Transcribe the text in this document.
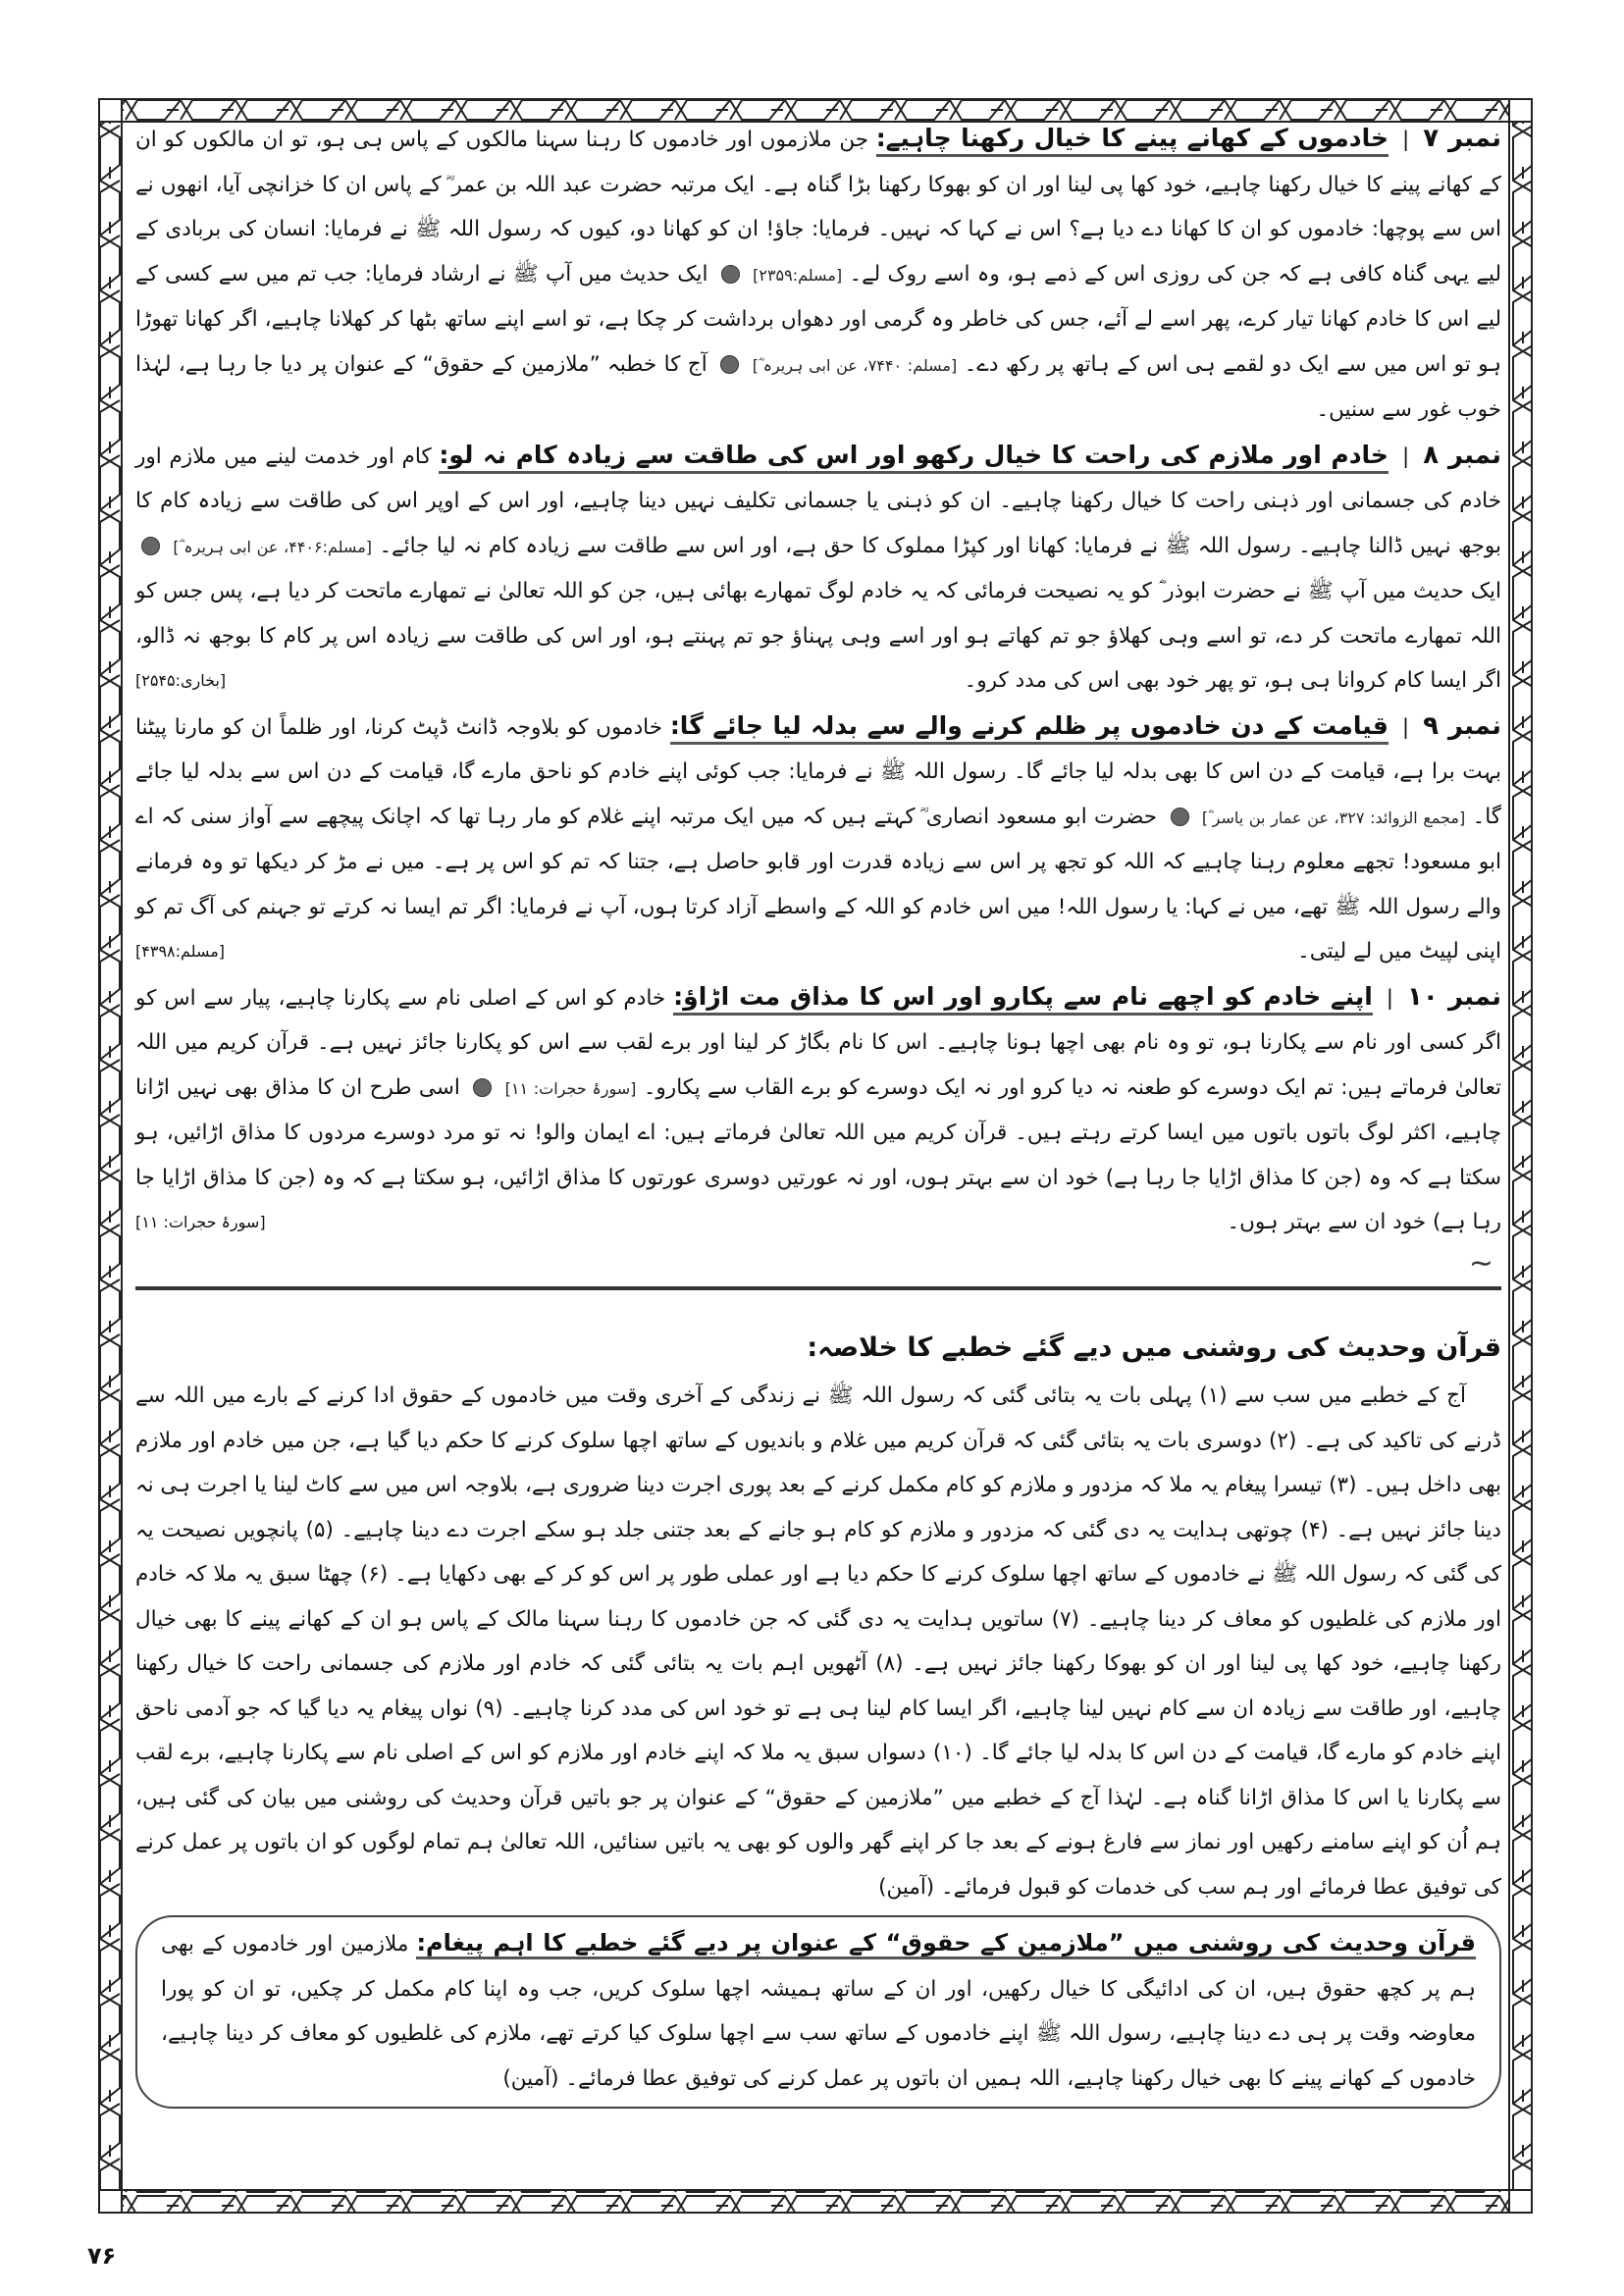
نمبر ۷|خادموں کے کھانے پینے کا خیال رکھنا چاہیے: جن ملازموں اور خادموں کا رہنا سہنا مالکوں کے پاس ہی ہو، تو ان مالکوں کو ان کے کھانے پینے کا خیال رکھنا چاہیے، خود کھا پی لینا اور ان کو بھوکا رکھنا بڑا گناہ ہے۔ ایک مرتبہ حضرت عبد اللہ بن عمر ؓ کے پاس ان کا خزانچی آیا، انھوں نے اس سے پوچھا: خادموں کو ان کا کھانا دے دیا ہے؟ اس نے کہا کہ نہیں۔ فرمایا: جاؤ! ان کو کھانا دو، کیوں کہ رسول اللہ ﷺ نے فرمایا: انسان کی بربادی کے لیے یہی گناہ کافی ہے کہ جن کی روزی اس کے ذمے ہو، وہ اسے روک لے۔ [مسلم:۲۳۵۹]  ایک حدیث میں آپ ﷺ نے ارشاد فرمایا: جب تم میں سے کسی کے لیے اس کا خادم کھانا تیار کرے، پھر اسے لے آئے، جس کی خاطر وہ گرمی اور دھواں برداشت کر چکا ہے، تو اسے اپنے ساتھ بٹھا کر کھلانا چاہیے، اگر کھانا تھوڑا ہو تو اس میں سے ایک دو لقمے ہی اس کے ہاتھ پر رکھ دے۔ [مسلم: ۷۴۴۰، عن ابی ہریرہ ؓ]  آج کا خطبہ ”ملازمین کے حقوق“ کے عنوان پر دیا جا رہا ہے، لہٰذا خوب غور سے سنیں۔

نمبر ۸|خادم اور ملازم کی راحت کا خیال رکھو اور اس کی طاقت سے زیادہ کام نہ لو: کام اور خدمت لینے میں ملازم اور خادم کی جسمانی اور ذہنی راحت کا خیال رکھنا چاہیے۔ ان کو ذہنی یا جسمانی تکلیف نہیں دینا چاہیے، اور اس کے اوپر اس کی طاقت سے زیادہ کام کا بوجھ نہیں ڈالنا چاہیے۔ رسول اللہ ﷺ نے فرمایا: کھانا اور کپڑا مملوک کا حق ہے، اور اس سے طاقت سے زیادہ کام نہ لیا جائے۔ [مسلم:۴۴۰۶، عن ابی ہریرہ ؓ]  ایک حدیث میں آپ ﷺ نے حضرت ابوذر ؓ کو یہ نصیحت فرمائی کہ یہ خادم لوگ تمھارے بھائی ہیں، جن کو اللہ تعالیٰ نے تمھارے ماتحت کر دیا ہے، پس جس کو اللہ تمھارے ماتحت کر دے، تو اسے وہی کھلاؤ جو تم کھاتے ہو اور اسے وہی پہناؤ جو تم پہنتے ہو، اور اس کی طاقت سے زیادہ اس پر کام کا بوجھ نہ ڈالو، اگر ایسا کام کروانا ہی ہو، تو پھر خود بھی اس کی مدد کرو۔
[بخاری:۲۵۴۵]

نمبر ۹|قیامت کے دن خادموں پر ظلم کرنے والے سے بدلہ لیا جائے گا: خادموں کو بلاوجہ ڈانٹ ڈپٹ کرنا، اور ظلماً ان کو مارنا پیٹنا بہت برا ہے، قیامت کے دن اس کا بھی بدلہ لیا جائے گا۔ رسول اللہ ﷺ نے فرمایا: جب کوئی اپنے خادم کو ناحق مارے گا، قیامت کے دن اس سے بدلہ لیا جائے گا۔ [مجمع الزوائد: ۳۲۷، عن عمار بن یاسر ؓ]  حضرت ابو مسعود انصاری ؓ کہتے ہیں کہ میں ایک مرتبہ اپنے غلام کو مار رہا تھا کہ اچانک پیچھے سے آواز سنی کہ اے ابو مسعود! تجھے معلوم رہنا چاہیے کہ اللہ کو تجھ پر اس سے زیادہ قدرت اور قابو حاصل ہے، جتنا کہ تم کو اس پر ہے۔ میں نے مڑ کر دیکھا تو وہ فرمانے والے رسول اللہ ﷺ تھے، میں نے کہا: یا رسول اللہ! میں اس خادم کو اللہ کے واسطے آزاد کرتا ہوں، آپ نے فرمایا: اگر تم ایسا نہ کرتے تو جہنم کی آگ تم کو اپنی لپیٹ میں لے لیتی۔
[مسلم:۴۳۹۸]

نمبر ۱۰|اپنے خادم کو اچھے نام سے پکارو اور اس کا مذاق مت اڑاؤ: خادم کو اس کے اصلی نام سے پکارنا چاہیے، پیار سے اس کو اگر کسی اور نام سے پکارنا ہو، تو وہ نام بھی اچھا ہونا چاہیے۔ اس کا نام بگاڑ کر لینا اور برے لقب سے اس کو پکارنا جائز نہیں ہے۔ قرآن کریم میں اللہ تعالیٰ فرماتے ہیں: تم ایک دوسرے کو طعنہ نہ دیا کرو اور نہ ایک دوسرے کو برے القاب سے پکارو۔ [سورۂ حجرات: ۱۱]  اسی طرح ان کا مذاق بھی نہیں اڑانا چاہیے، اکثر لوگ باتوں باتوں میں ایسا کرتے رہتے ہیں۔ قرآن کریم میں اللہ تعالیٰ فرماتے ہیں: اے ایمان والو! نہ تو مرد دوسرے مردوں کا مذاق اڑائیں، ہو سکتا ہے کہ وہ (جن کا مذاق اڑایا جا رہا ہے) خود ان سے بہتر ہوں، اور نہ عورتیں دوسری عورتوں کا مذاق اڑائیں، ہو سکتا ہے کہ وہ (جن کا مذاق اڑایا جا رہا ہے) خود ان سے بہتر ہوں۔
[سورۂ حجرات: ۱۱]

∽
قرآن وحدیث کی روشنی میں دیے گئے خطبے کا خلاصہ:

آج کے خطبے میں سب سے (۱) پہلی بات یہ بتائی گئی کہ رسول اللہ ﷺ نے زندگی کے آخری وقت میں خادموں کے حقوق ادا کرنے کے بارے میں اللہ سے ڈرنے کی تاکید کی ہے۔ (۲) دوسری بات یہ بتائی گئی کہ قرآن کریم میں غلام و باندیوں کے ساتھ اچھا سلوک کرنے کا حکم دیا گیا ہے، جن میں خادم اور ملازم بھی داخل ہیں۔ (۳) تیسرا پیغام یہ ملا کہ مزدور و ملازم کو کام مکمل کرنے کے بعد پوری اجرت دینا ضروری ہے، بلاوجہ اس میں سے کاٹ لینا یا اجرت ہی نہ دینا جائز نہیں ہے۔ (۴) چوتھی ہدایت یہ دی گئی کہ مزدور و ملازم کو کام ہو جانے کے بعد جتنی جلد ہو سکے اجرت دے دینا چاہیے۔ (۵) پانچویں نصیحت یہ کی گئی کہ رسول اللہ ﷺ نے خادموں کے ساتھ اچھا سلوک کرنے کا حکم دیا ہے اور عملی طور پر اس کو کر کے بھی دکھایا ہے۔ (۶) چھٹا سبق یہ ملا کہ خادم اور ملازم کی غلطیوں کو معاف کر دینا چاہیے۔ (۷) ساتویں ہدایت یہ دی گئی کہ جن خادموں کا رہنا سہنا مالک کے پاس ہو ان کے کھانے پینے کا بھی خیال رکھنا چاہیے، خود کھا پی لینا اور ان کو بھوکا رکھنا جائز نہیں ہے۔ (۸) آٹھویں اہم بات یہ بتائی گئی کہ خادم اور ملازم کی جسمانی راحت کا خیال رکھنا چاہیے، اور طاقت سے زیادہ ان سے کام نہیں لینا چاہیے، اگر ایسا کام لینا ہی ہے تو خود اس کی مدد کرنا چاہیے۔ (۹) نواں پیغام یہ دیا گیا کہ جو آدمی ناحق اپنے خادم کو مارے گا، قیامت کے دن اس کا بدلہ لیا جائے گا۔ (۱۰) دسواں سبق یہ ملا کہ اپنے خادم اور ملازم کو اس کے اصلی نام سے پکارنا چاہیے، برے لقب سے پکارنا یا اس کا مذاق اڑانا گناہ ہے۔ لہٰذا آج کے خطبے میں ”ملازمین کے حقوق“ کے عنوان پر جو باتیں قرآن وحدیث کی روشنی میں بیان کی گئی ہیں، ہم اُن کو اپنے سامنے رکھیں اور نماز سے فارغ ہونے کے بعد جا کر اپنے گھر والوں کو بھی یہ باتیں سنائیں، اللہ تعالیٰ ہم تمام لوگوں کو ان باتوں پر عمل کرنے کی توفیق عطا فرمائے اور ہم سب کی خدمات کو قبول فرمائے۔ (آمین)

قرآن وحدیث کی روشنی میں ”ملازمین کے حقوق“ کے عنوان پر دیے گئے خطبے کا اہم پیغام: ملازمین اور خادموں کے بھی ہم پر کچھ حقوق ہیں، ان کی ادائیگی کا خیال رکھیں، اور ان کے ساتھ ہمیشہ اچھا سلوک کریں، جب وہ اپنا کام مکمل کر چکیں، تو ان کو پورا معاوضہ وقت پر ہی دے دینا چاہیے، رسول اللہ ﷺ اپنے خادموں کے ساتھ سب سے اچھا سلوک کیا کرتے تھے، ملازم کی غلطیوں کو معاف کر دینا چاہیے، خادموں کے کھانے پینے کا بھی خیال رکھنا چاہیے، اللہ ہمیں ان باتوں پر عمل کرنے کی توفیق عطا فرمائے۔ (آمین)

۷۶
